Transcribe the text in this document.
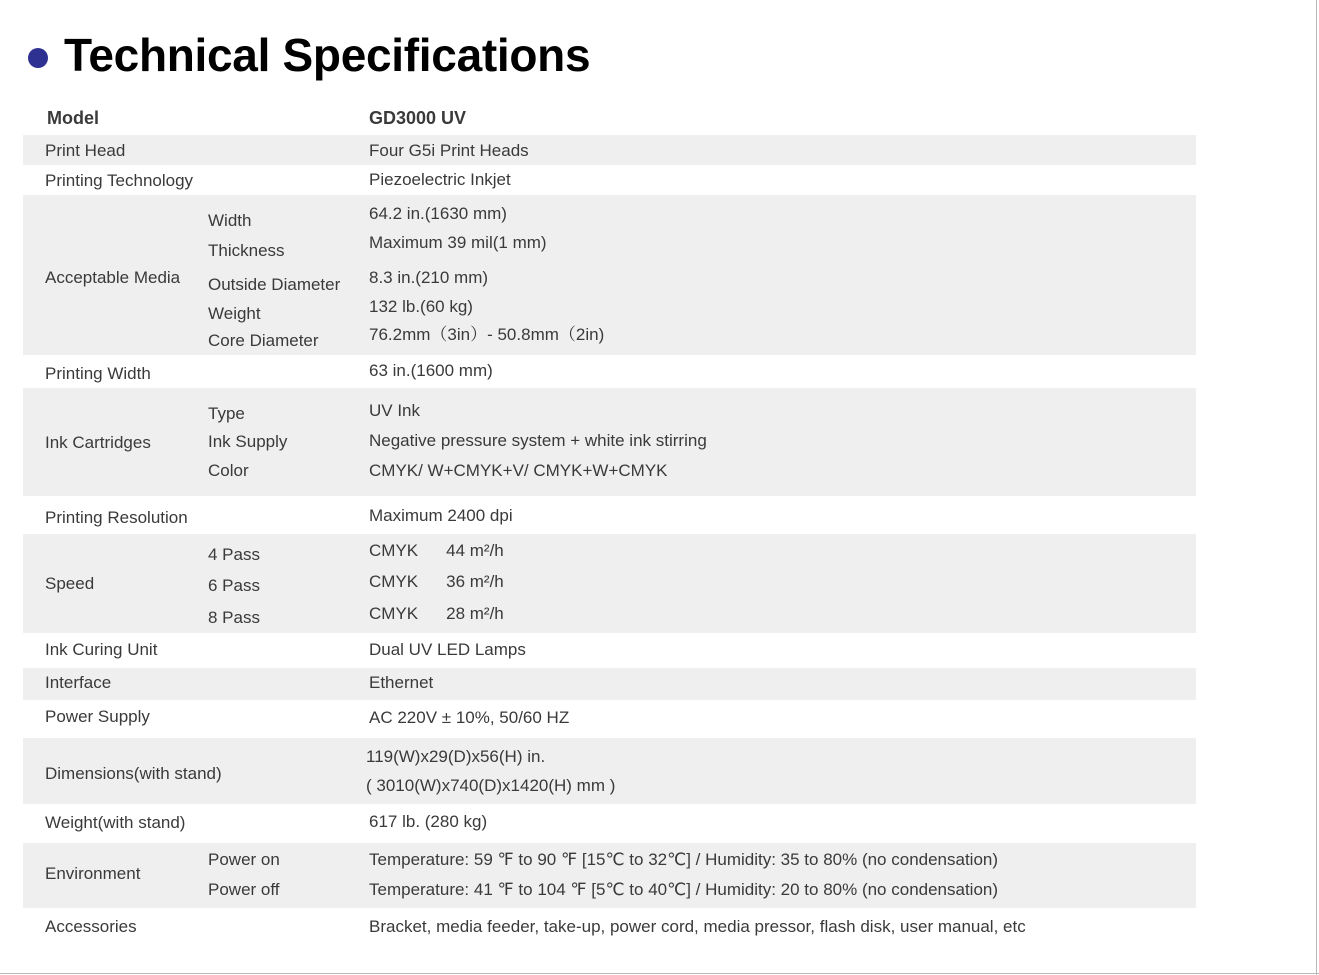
Technical Specifications
Model	GD3000 UV
Print Head	Four G5i Print Heads
Printing Technology	Piezoelectric Inkjet
Acceptable Media
Width	64.2 in.(1630 mm)
Thickness	Maximum 39 mil(1 mm)
Outside Diameter 8.3 in.(210 mm)
Weight	132 lb.(60 kg)
Core Diameter	76.2mm（3in）- 50.8mm（2in)
Printing Width	63 in.(1600 mm)
Ink Cartridges
Type	UV Ink
Ink Supply	Negative pressure system + white ink stirring
Color	CMYK/ W+CMYK+V/ CMYK+W+CMYK
Printing Resolution	Maximum 2400 dpi
Speed
4 Pass	CMYK 44 m²/h
6 Pass	CMYK 36 m²/h
8 Pass	CMYK 28 m²/h
Ink Curing Unit	Dual UV LED Lamps
Interface	Ethernet
Power Supply	AC 220V ± 10%, 50/60 HZ
Dimensions(with stand)
119(W)x29(D)x56(H) in.
( 3010(W)x740(D)x1420(H) mm )
Weight(with stand)	617 lb. (280 kg)
Environment
Power on	Temperature: 59 ℉ to 90 ℉ [15℃ to 32℃] / Humidity: 35 to 80% (no condensation)
Power off	Temperature: 41 ℉ to 104 ℉ [5℃ to 40℃] / Humidity: 20 to 80% (no condensation)
Accessories	Bracket, media feeder, take-up, power cord, media pressor, flash disk, user manual, etc
